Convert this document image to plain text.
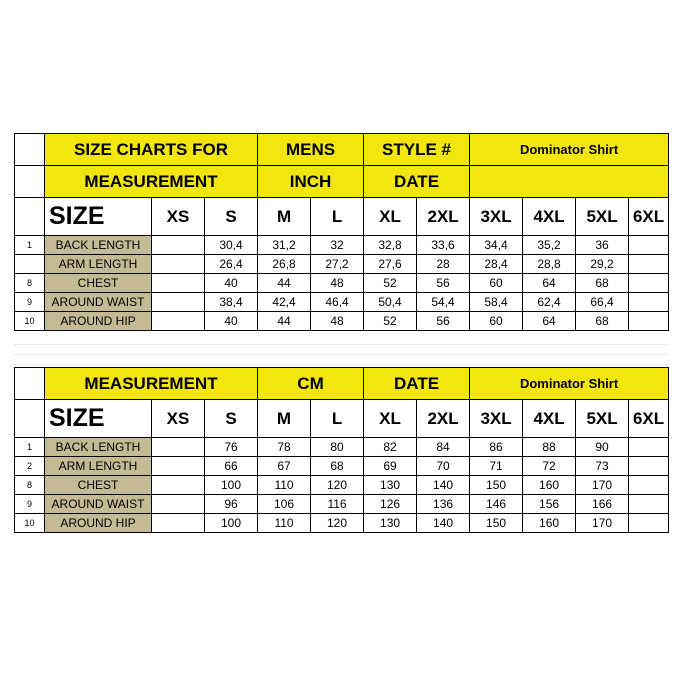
	SIZE CHARTS FOR			MENS		STYLE #		Dominator Shirt			
	MEASUREMENT			INCH		DATE					
	SIZE	XS	S	M	L	XL	2XL	3XL	4XL	5XL	6XL
1	BACK LENGTH		30,4	31,2	32	32,8	33,6	34,4	35,2	36	
	ARM LENGTH		26,4	26,8	27,2	27,6	28	28,4	28,8	29,2	
8	CHEST		40	44	48	52	56	60	64	68	
9	AROUND WAIST		38,4	42,4	46,4	50,4	54,4	58,4	62,4	66,4	
10	AROUND HIP		40	44	48	52	56	60	64	68	
	MEASUREMENT			CM		DATE		Dominator Shirt			
	SIZE	XS	S	M	L	XL	2XL	3XL	4XL	5XL	6XL
1	BACK LENGTH		76	78	80	82	84	86	88	90	
2	ARM LENGTH		66	67	68	69	70	71	72	73	
8	CHEST		100	110	120	130	140	150	160	170	
9	AROUND WAIST		96	106	116	126	136	146	156	166	
10	AROUND HIP		100	110	120	130	140	150	160	170	
